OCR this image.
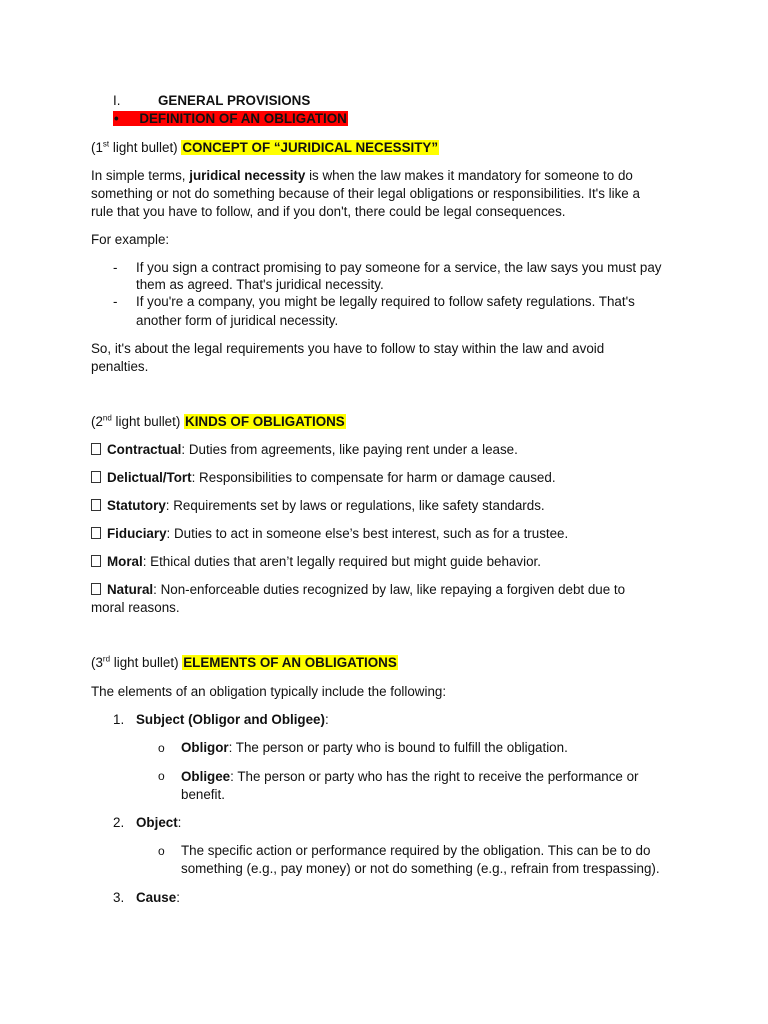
I.	GENERAL PROVISIONS
• DEFINITION OF AN OBLIGATION
(1st light bullet) CONCEPT OF “JURIDICAL NECESSITY”
In simple terms, juridical necessity is when the law makes it mandatory for someone to do
something or not do something because of their legal obligations or responsibilities. It's like a
rule that you have to follow, and if you don't, there could be legal consequences.
For example:
- If you sign a contract promising to pay someone for a service, the law says you must pay
them as agreed. That's juridical necessity.
- If you're a company, you might be legally required to follow safety regulations. That's
another form of juridical necessity.
So, it's about the legal requirements you have to follow to stay within the law and avoid
penalties.
(2nd light bullet) KINDS OF OBLIGATIONS
Contractual: Duties from agreements, like paying rent under a lease.
Delictual/Tort: Responsibilities to compensate for harm or damage caused.
Statutory: Requirements set by laws or regulations, like safety standards.
Fiduciary: Duties to act in someone else’s best interest, such as for a trustee.
Moral: Ethical duties that aren’t legally required but might guide behavior.
Natural: Non-enforceable duties recognized by law, like repaying a forgiven debt due to
moral reasons.
(3rd light bullet) ELEMENTS OF AN OBLIGATIONS
The elements of an obligation typically include the following:
1. Subject (Obligor and Obligee):
o Obligor: The person or party who is bound to fulfill the obligation.
o Obligee: The person or party who has the right to receive the performance or
benefit.
2. Object:
o The specific action or performance required by the obligation. This can be to do
something (e.g., pay money) or not do something (e.g., refrain from trespassing).
3. Cause:
